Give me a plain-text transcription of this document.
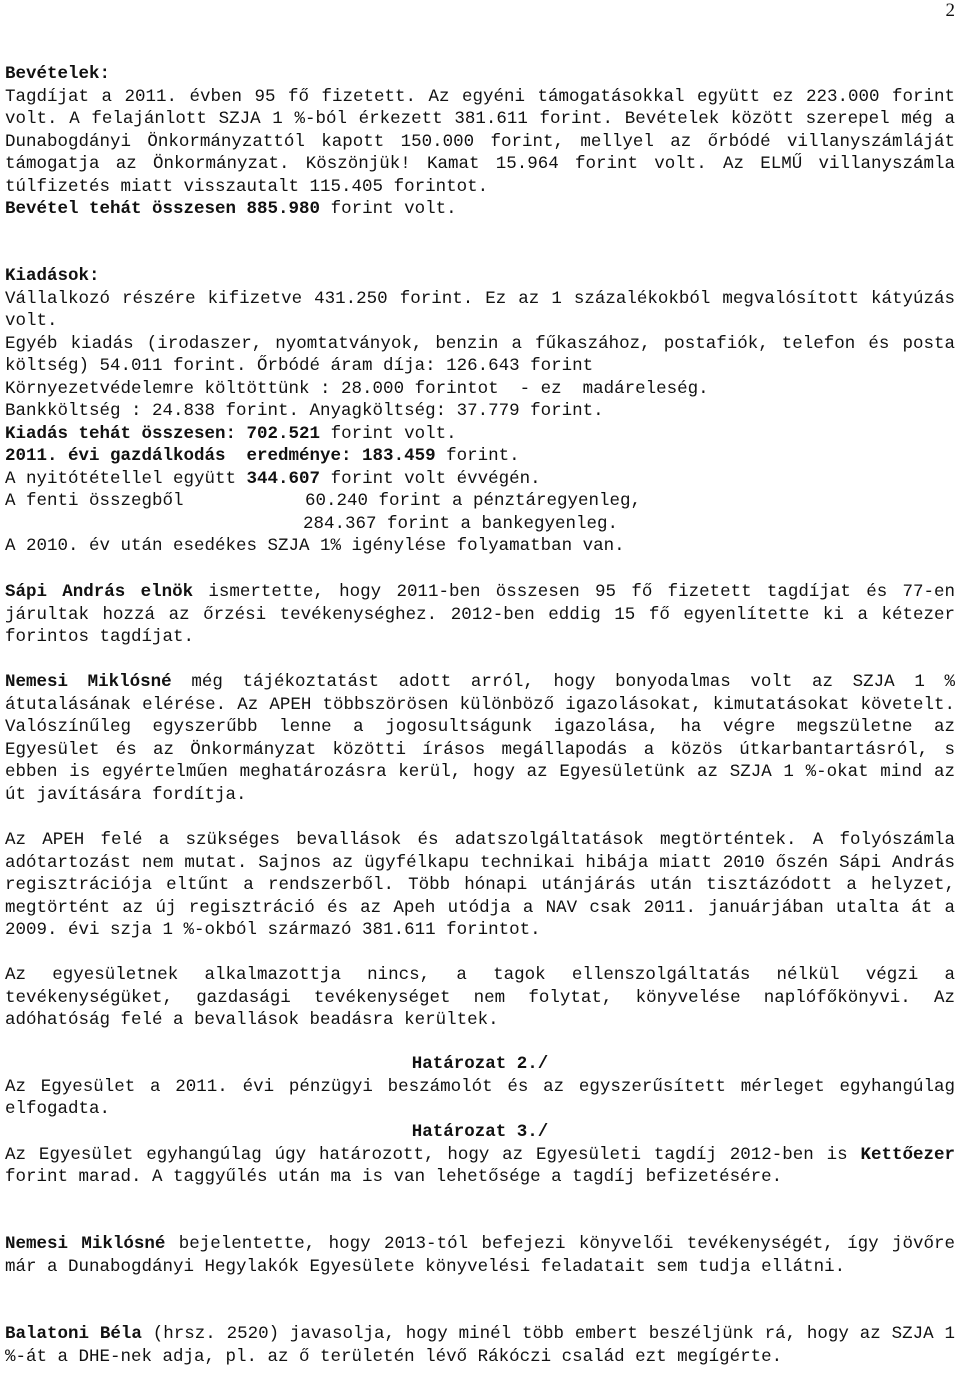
2

Bevételek:

Tagdíjat a 2011. évben 95 fő fizetett. Az egyéni támogatásokkal együtt ez 223.000 forint volt. A felajánlott SZJA 1 %-ból érkezett 381.611 forint. Bevételek között szerepel még a Dunabogdányi Önkormányzattól kapott 150.000 forint, mellyel az őrbódé villanyszámláját támogatja az Önkormányzat. Köszönjük! Kamat 15.964 forint volt. Az ELMŰ villanyszámla túlfizetés miatt visszautalt 115.405 forintot.

Bevétel tehát összesen 885.980 forint volt.

Kiadások:

Vállalkozó részére kifizetve 431.250 forint. Ez az 1 százalékokból megvalósított kátyúzás volt.

Egyéb kiadás (irodaszer, nyomtatványok, benzin a fűkaszához, postafiók, telefon és posta költség) 54.011 forint. Őrbódé áram díja: 126.643 forint

Környezetvédelemre költöttünk : 28.000 forintot  - ez  madáreleség.

Bankköltség : 24.838 forint. Anyagköltség: 37.779 forint.

Kiadás tehát összesen: 702.521 forint volt.

2011. évi gazdálkodás  eredménye: 183.459 forint.

A nyitótétellel együtt 344.607 forint volt évvégén.

A fenti összegből	60.240 forint a pénztáregyenleg,

284.367 forint a bankegyenleg.

A 2010. év után esedékes SZJA 1% igénylése folyamatban van.

Sápi András elnök ismertette, hogy 2011-ben összesen 95 fő fizetett tagdíjat és 77-en járultak hozzá az őrzési tevékenységhez. 2012-ben eddig 15 fő egyenlítette ki a kétezer forintos tagdíjat.
Nemesi Miklósné még tájékoztatást adott arról, hogy bonyodalmas volt az SZJA 1 % átutalásának elérése. Az APEH többszörösen különböző igazolásokat, kimutatásokat követelt. Valószínűleg egyszerűbb lenne a jogosultságunk igazolása, ha végre megszületne az Egyesület és az Önkormányzat közötti írásos megállapodás a közös útkarbantartásról, s ebben is egyértelműen meghatározásra kerül, hogy az Egyesületünk az SZJA 1 %-okat mind az út javítására fordítja.
Az APEH felé a szükséges bevallások és adatszolgáltatások megtörténtek. A folyószámla adótartozást nem mutat. Sajnos az ügyfélkapu technikai hibája miatt 2010 őszén Sápi András regisztrációja eltűnt a rendszerből. Több hónapi utánjárás után tisztázódott a helyzet, megtörtént az új regisztráció és az Apeh utódja a NAV csak 2011. januárjában utalta át a 2009. évi szja 1 %-okból származó 381.611 forintot.
Az egyesületnek alkalmazottja nincs, a tagok ellenszolgáltatás nélkül végzi a tevékenységüket, gazdasági tevékenységet nem folytat, könyvelése naplófőkönyvi. Az adóhatóság felé a bevallások beadásra kerültek.

Határozat 2./

Az Egyesület a 2011. évi pénzügyi beszámolót és az egyszerűsített mérleget egyhangúlag elfogadta.

Határozat 3./

Az Egyesület egyhangúlag úgy határozott, hogy az Egyesületi tagdíj 2012-ben is Kettőezer forint marad. A taggyűlés után ma is van lehetősége a tagdíj befizetésére.

Nemesi Miklósné bejelentette, hogy 2013-tól befejezi könyvelői tevékenységét, így jövőre már a Dunabogdányi Hegylakók Egyesülete könyvelési feladatait sem tudja ellátni.
Balatoni Béla (hrsz. 2520) javasolja, hogy minél több embert beszéljünk rá, hogy az SZJA 1 %-át a DHE-nek adja, pl. az ő területén lévő Rákóczi család ezt megígérte.
